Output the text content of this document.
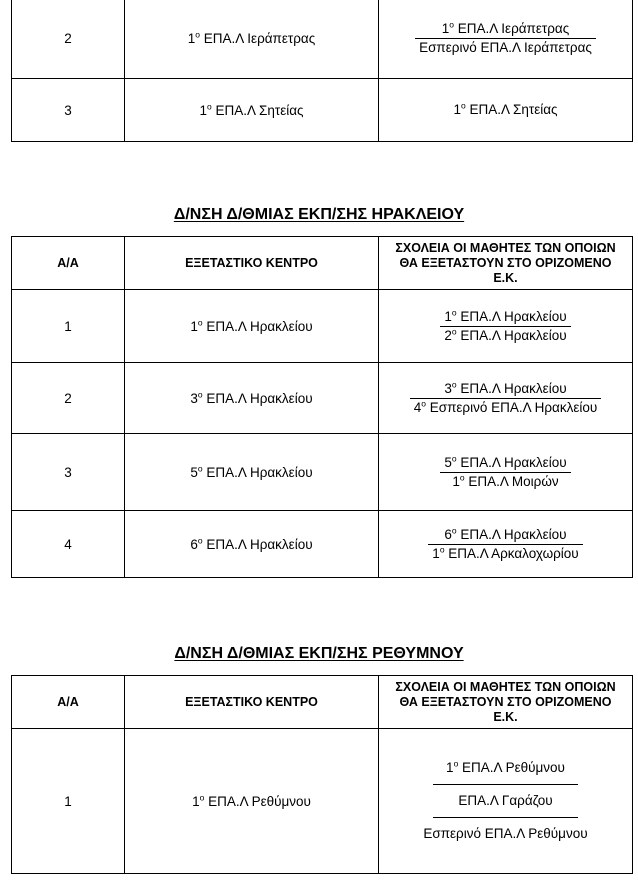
2	$1^o$ ΕΠΑ.Λ Ιεράπετρας	$1^o$ ΕΠΑ.Λ Ιεράπετρας
Εσπερινό ΕΠΑ.Λ Ιεράπετρας

3	$1^o$ ΕΠΑ.Λ Σητείας	$1^o$ ΕΠΑ.Λ Σητείας
Δ/ΝΣΗ Δ/ΘΜΙΑΣ ΕΚΠ/ΣΗΣ ΗΡΑΚΛΕΙΟΥ
Α/Α	ΕΞΕΤΑΣΤΙΚΟ ΚΕΝΤΡΟ	ΣΧΟΛΕΙΑ ΟΙ ΜΑΘΗΤΕΣ ΤΩΝ ΟΠΟΙΩΝ ΘΑ ΕΞΕΤΑΣΤΟΥΝ ΣΤΟ ΟΡΙΖΟΜΕΝΟ Ε.Κ.
1	$1^o$ ΕΠΑ.Λ Ηρακλείου	$1^o$ ΕΠΑ.Λ Ηρακλείου
$2^o$ ΕΠΑ.Λ Ηρακλείου

2	$3^o$ ΕΠΑ.Λ Ηρακλείου	$3^o$ ΕΠΑ.Λ Ηρακλείου
$4^o$ Εσπερινό ΕΠΑ.Λ Ηρακλείου

3	$5^o$ ΕΠΑ.Λ Ηρακλείου	$5^o$ ΕΠΑ.Λ Ηρακλείου
$1^o$ ΕΠΑ.Λ Μοιρών

4	$6^o$ ΕΠΑ.Λ Ηρακλείου	$6^o$ ΕΠΑ.Λ Ηρακλείου
$1^o$ ΕΠΑ.Λ Αρκαλοχωρίου
Δ/ΝΣΗ Δ/ΘΜΙΑΣ ΕΚΠ/ΣΗΣ ΡΕΘΥΜΝΟΥ
Α/Α	ΕΞΕΤΑΣΤΙΚΟ ΚΕΝΤΡΟ	ΣΧΟΛΕΙΑ ΟΙ ΜΑΘΗΤΕΣ ΤΩΝ ΟΠΟΙΩΝ ΘΑ ΕΞΕΤΑΣΤΟΥΝ ΣΤΟ ΟΡΙΖΟΜΕΝΟ Ε.Κ.
1	$1^o$ ΕΠΑ.Λ Ρεθύμνου	$1^o$ ΕΠΑ.Λ Ρεθύμνου
ΕΠΑ.Λ Γαράζου
Εσπερινό ΕΠΑ.Λ Ρεθύμνου
